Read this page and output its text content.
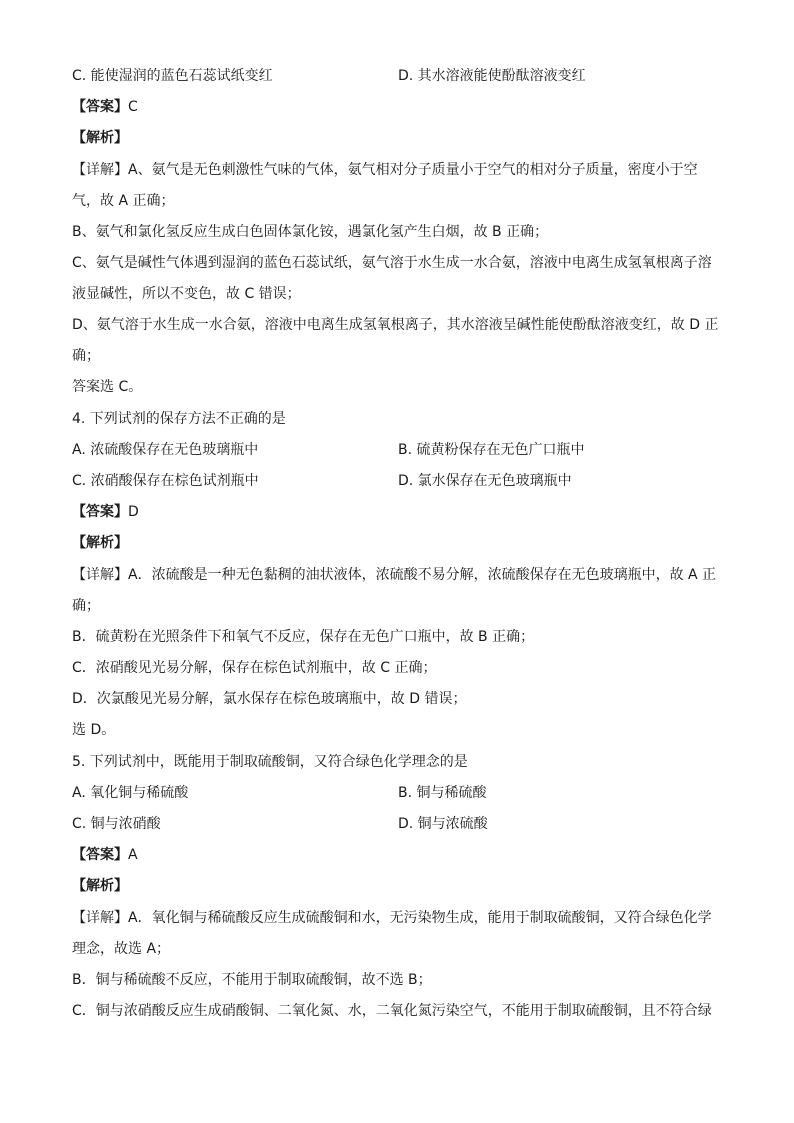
C. 能使湿润的蓝色石蕊试纸变红	D. 其水溶液能使酚酞溶液变红
【答案】C
【解析】
【详解】A、氨气是无色刺激性气味的气体，氨气相对分子质量小于空气的相对分子质量，密度小于空
气，故 A 正确；
B、氨气和氯化氢反应生成白色固体氯化铵，遇氯化氢产生白烟，故 B 正确；
C、氨气是碱性气体遇到湿润的蓝色石蕊试纸，氨气溶于水生成一水合氨，溶液中电离生成氢氧根离子溶
液显碱性，所以不变色，故 C 错误；
D、氨气溶于水生成一水合氨，溶液中电离生成氢氧根离子，其水溶液呈碱性能使酚酞溶液变红，故 D 正
确；
答案选 C。
4. 下列试剂的保存方法不正确的是
A. 浓硫酸保存在无色玻璃瓶中	B. 硫黄粉保存在无色广口瓶中
C. 浓硝酸保存在棕色试剂瓶中	D. 氯水保存在无色玻璃瓶中
【答案】D
【解析】
【详解】A．浓硫酸是一种无色黏稠的油状液体，浓硫酸不易分解，浓硫酸保存在无色玻璃瓶中，故 A 正
确；
B．硫黄粉在光照条件下和氧气不反应，保存在无色广口瓶中，故 B 正确；
C．浓硝酸见光易分解，保存在棕色试剂瓶中，故 C 正确；
D．次氯酸见光易分解，氯水保存在棕色玻璃瓶中，故 D 错误；
选 D。
5. 下列试剂中，既能用于制取硫酸铜，又符合绿色化学理念的是
A. 氧化铜与稀硫酸	B. 铜与稀硫酸
C. 铜与浓硝酸	D. 铜与浓硫酸
【答案】A
【解析】
【详解】A．氧化铜与稀硫酸反应生成硫酸铜和水，无污染物生成，能用于制取硫酸铜，又符合绿色化学
理念，故选 A；
B．铜与稀硫酸不反应，不能用于制取硫酸铜，故不选 B；
C．铜与浓硝酸反应生成硝酸铜、二氧化氮、水，二氧化氮污染空气，不能用于制取硫酸铜，且不符合绿
